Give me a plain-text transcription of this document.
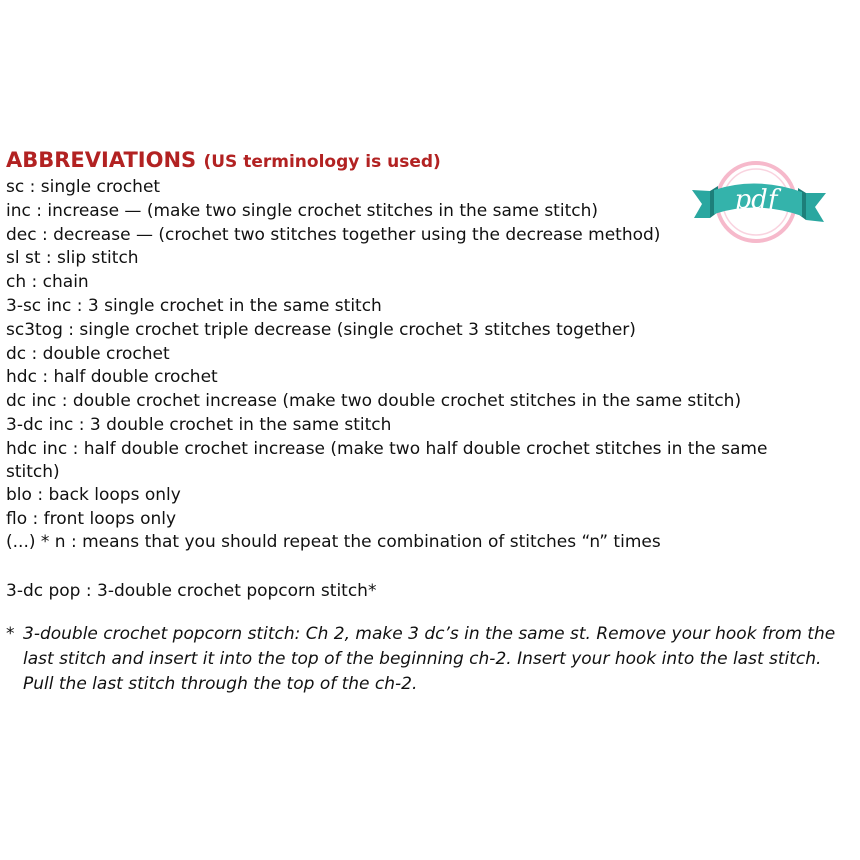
ABBREVIATIONS (US terminology is used)
sc : single crochet
inc : increase — (make two single crochet stitches in the same stitch)
dec : decrease — (crochet two stitches together using the decrease method)
sl st : slip stitch
ch : chain
3-sc inc : 3 single crochet in the same stitch
sc3tog : single crochet triple decrease (single crochet 3 stitches together)
dc : double crochet
hdc : half double crochet
dc inc : double crochet increase (make two double crochet stitches in the same stitch)
3-dc inc : 3 double crochet in the same stitch
hdc inc : half double crochet increase (make two half double crochet stitches in the same stitch)
blo : back loops only
flo : front loops only
(...) * n : means that you should repeat the combination of stitches “n” times

3-dc pop : 3-double crochet popcorn stitch*

* 3-double crochet popcorn stitch: Ch 2, make 3 dc’s in the same st. Remove your hook from the last stitch and insert it into the top of the beginning ch-2. Insert your hook into the last stitch. Pull the last stitch through the top of the ch-2.
pdf
